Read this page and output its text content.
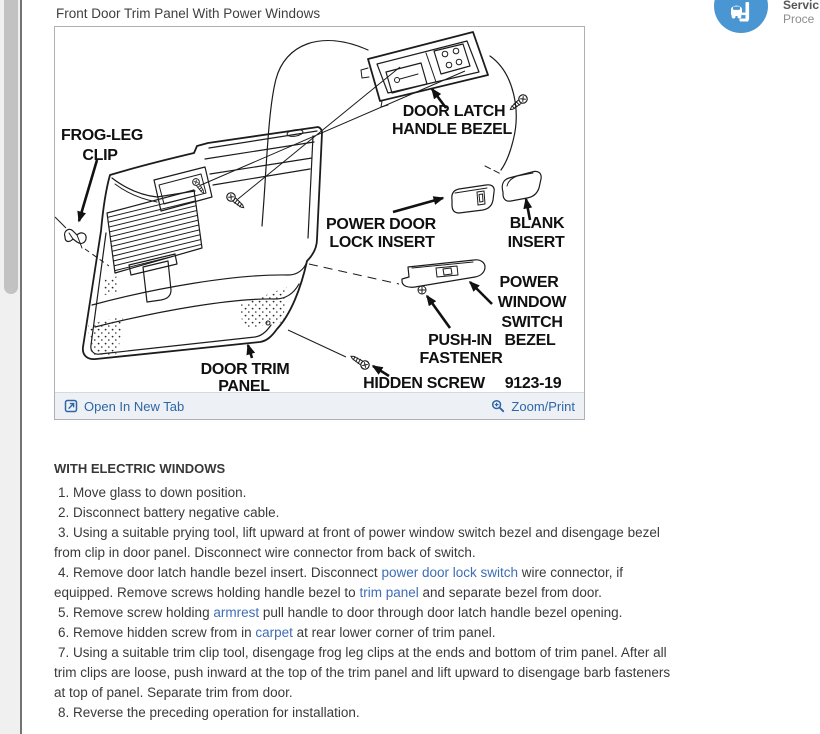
Front Door Trim Panel With Power Windows
Servic
Proce
FROG-LEG
CLIP
DOOR LATCH
HANDLE BEZEL
POWER DOOR
LOCK INSERT
BLANK
INSERT
POWER
WINDOW
SWITCH
BEZEL
PUSH-IN
FASTENER
HIDDEN SCREW
DOOR TRIM
PANEL	9123-19
Open In New Tab	Zoom/Print
WITH ELECTRIC WINDOWS
1. Move glass to down position.
2. Disconnect battery negative cable.
3. Using a suitable prying tool, lift upward at front of power window switch bezel and disengage bezel from clip in door panel. Disconnect wire connector from back of switch.
4. Remove door latch handle bezel insert. Disconnect power door lock switch wire connector, if equipped. Remove screws holding handle bezel to trim panel and separate bezel from door.
5. Remove screw holding armrest pull handle to door through door latch handle bezel opening.
6. Remove hidden screw from in carpet at rear lower corner of trim panel.
7. Using a suitable trim clip tool, disengage frog leg clips at the ends and bottom of trim panel. After all trim clips are loose, push inward at the top of the trim panel and lift upward to disengage barb fasteners at top of panel. Separate trim from door.
8. Reverse the preceding operation for installation.
